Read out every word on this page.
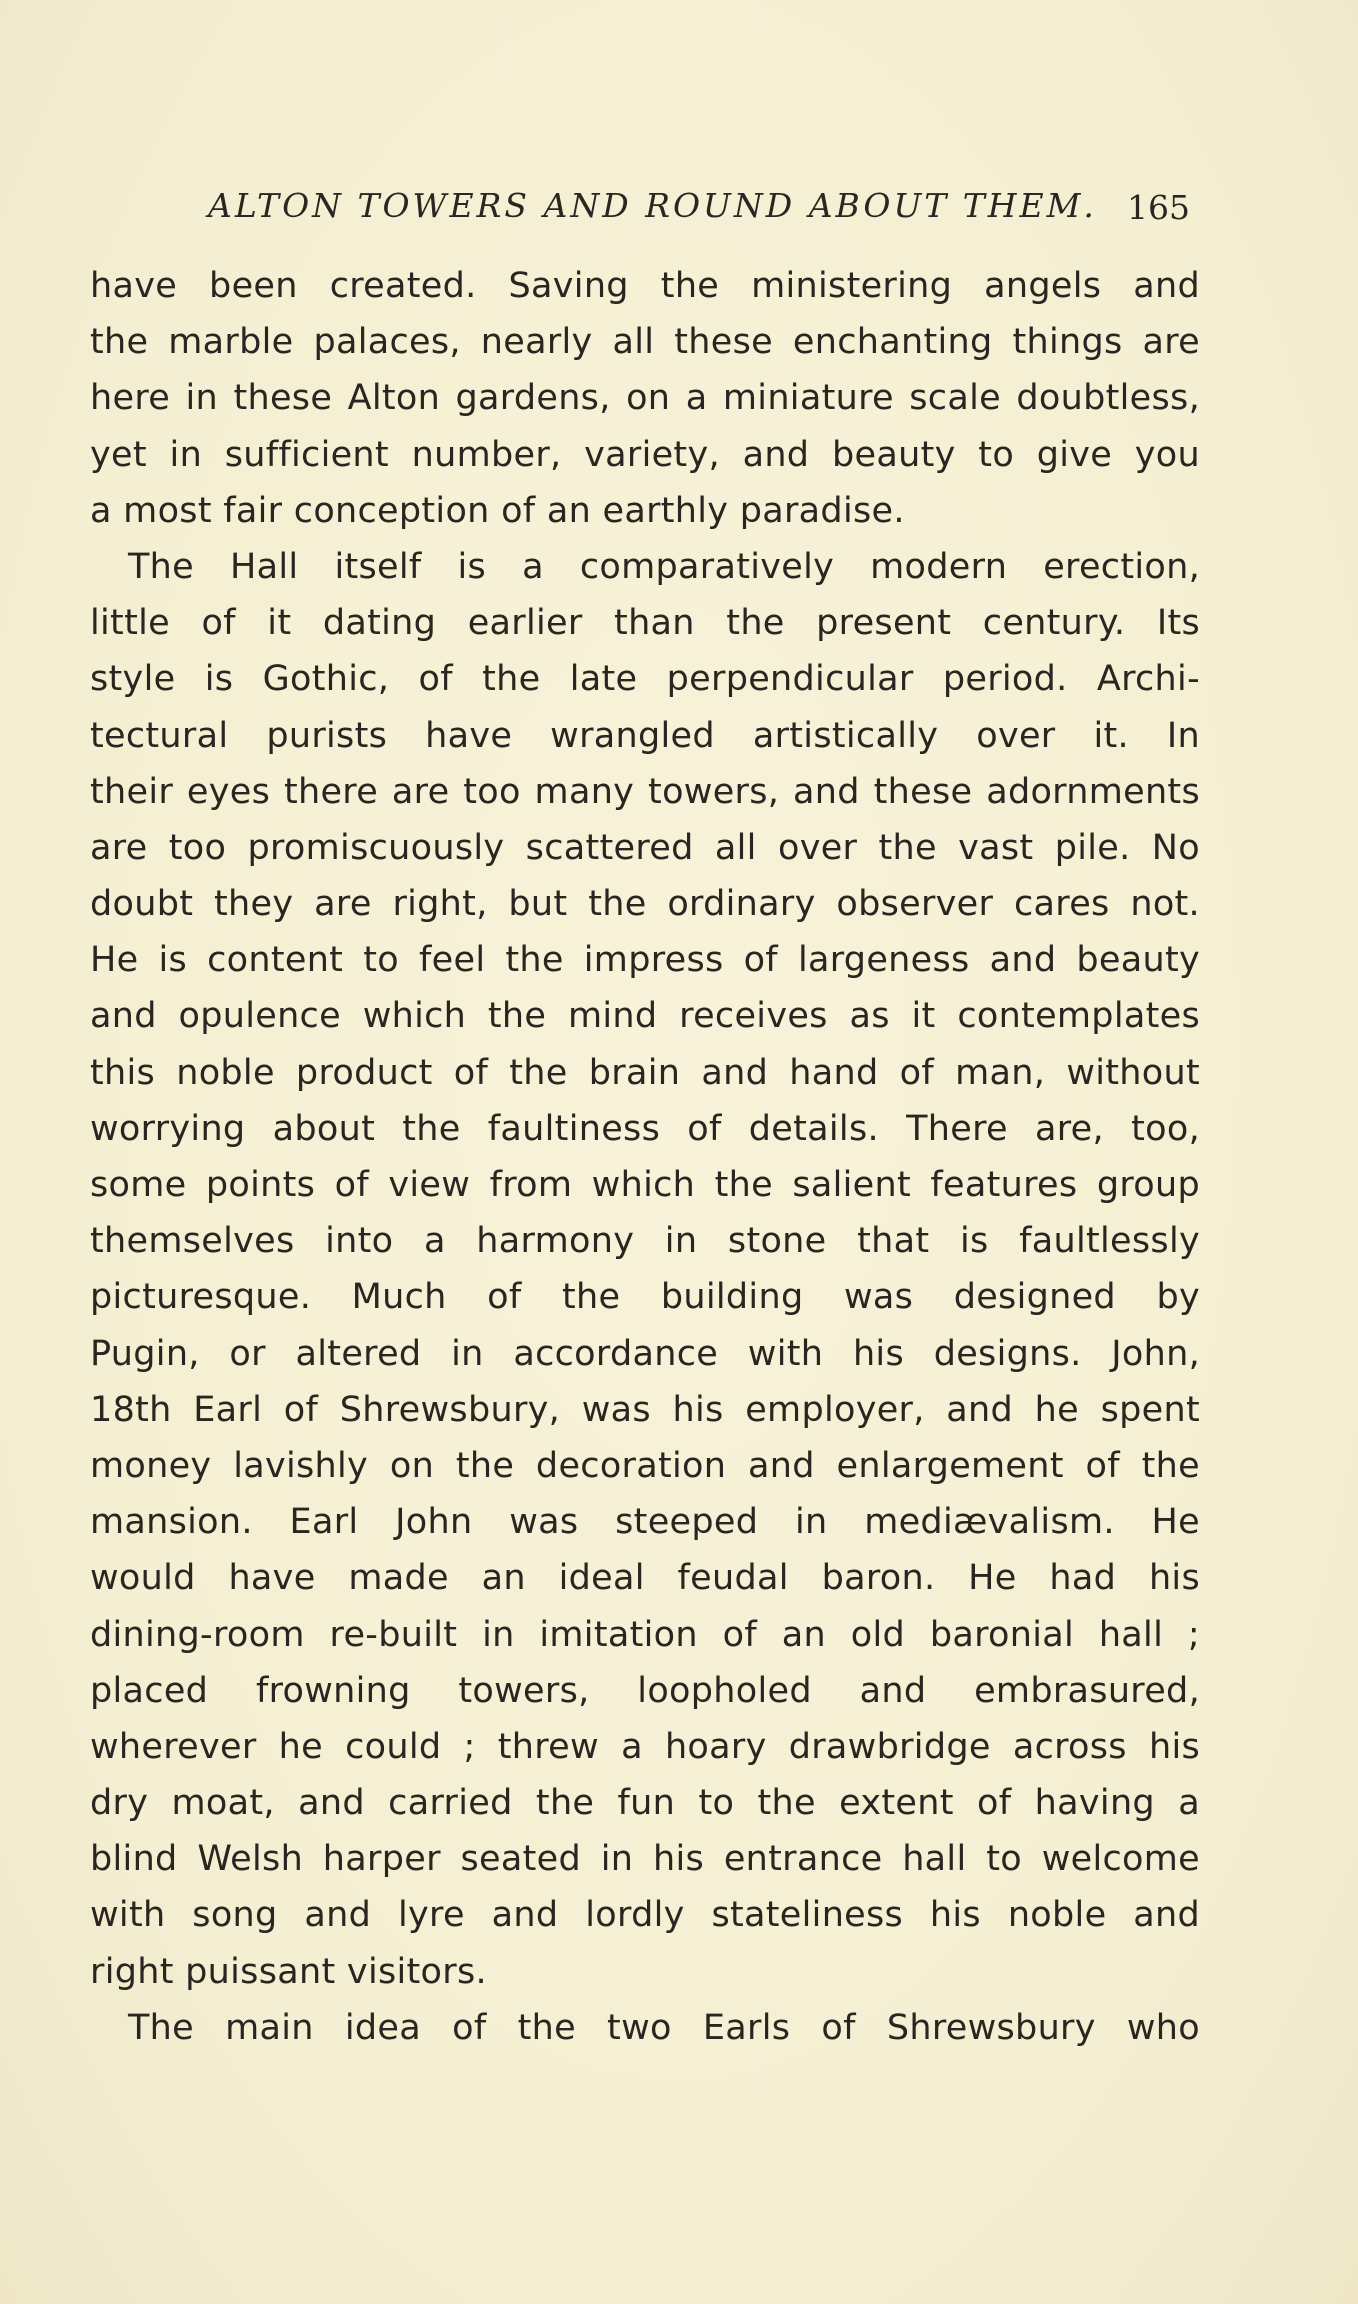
ALTON TOWERS AND ROUND ABOUT THEM. 165
have been created. Saving the ministering angels and
the marble palaces, nearly all these enchanting things are
here in these Alton gardens, on a miniature scale doubtless,
yet in sufficient number, variety, and beauty to give you
a most fair conception of an earthly paradise.
The Hall itself is a comparatively modern erection,
little of it dating earlier than the present century. Its
style is Gothic, of the late perpendicular period. Archi-
tectural purists have wrangled artistically over it. In
their eyes there are too many towers, and these adornments
are too promiscuously scattered all over the vast pile. No
doubt they are right, but the ordinary observer cares not.
He is content to feel the impress of largeness and beauty
and opulence which the mind receives as it contemplates
this noble product of the brain and hand of man, without
worrying about the faultiness of details. There are, too,
some points of view from which the salient features group
themselves into a harmony in stone that is faultlessly
picturesque. Much of the building was designed by
Pugin, or altered in accordance with his designs. John,
18th Earl of Shrewsbury, was his employer, and he spent
money lavishly on the decoration and enlargement of the
mansion. Earl John was steeped in mediævalism. He
would have made an ideal feudal baron. He had his
dining-room re-built in imitation of an old baronial hall ;
placed frowning towers, loopholed and embrasured,
wherever he could ; threw a hoary drawbridge across his
dry moat, and carried the fun to the extent of having a
blind Welsh harper seated in his entrance hall to welcome
with song and lyre and lordly stateliness his noble and
right puissant visitors.
The main idea of the two Earls of Shrewsbury who
